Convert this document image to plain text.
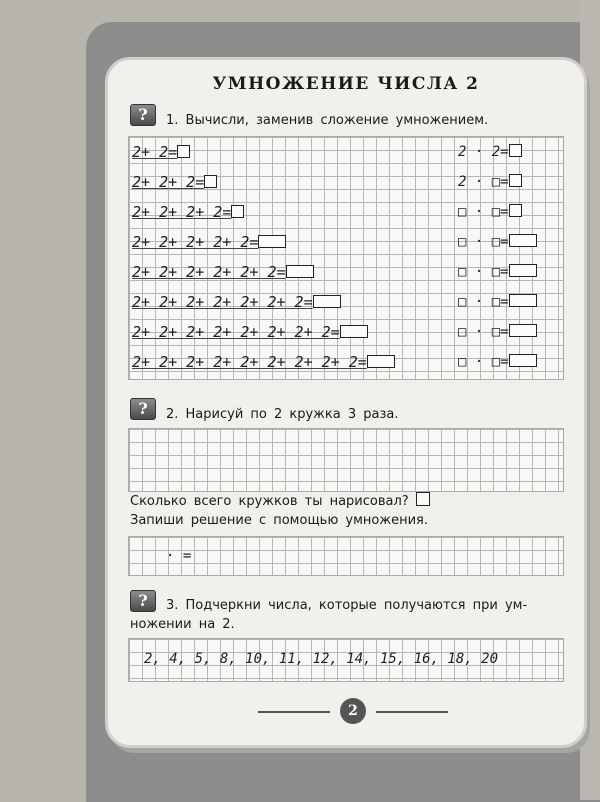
УМНОЖЕНИЕ ЧИСЛА 2
?	1. Вычисли, заменив сложение умножением.
?	2. Нарисуй по 2 кружка 3 раза.
Сколько всего кружков ты нарисовал?
Запиши решение с помощью умножения.
· =
?	3. Подчеркни числа, которые получаются при ум-
ножении на 2.
2, 4, 5, 8, 10, 11, 12, 14, 15, 16, 18, 20
2
2+ 2=	2 · 2=
2+ 2+ 2=	2 · □=
2+ 2+ 2+ 2=	□ · □=
2+ 2+ 2+ 2+ 2=	□ · □=
2+ 2+ 2+ 2+ 2+ 2=	□ · □=
2+ 2+ 2+ 2+ 2+ 2+ 2=	□ · □=
2+ 2+ 2+ 2+ 2+ 2+ 2+ 2=	□ · □=
2+ 2+ 2+ 2+ 2+ 2+ 2+ 2+ 2=	□ · □=
